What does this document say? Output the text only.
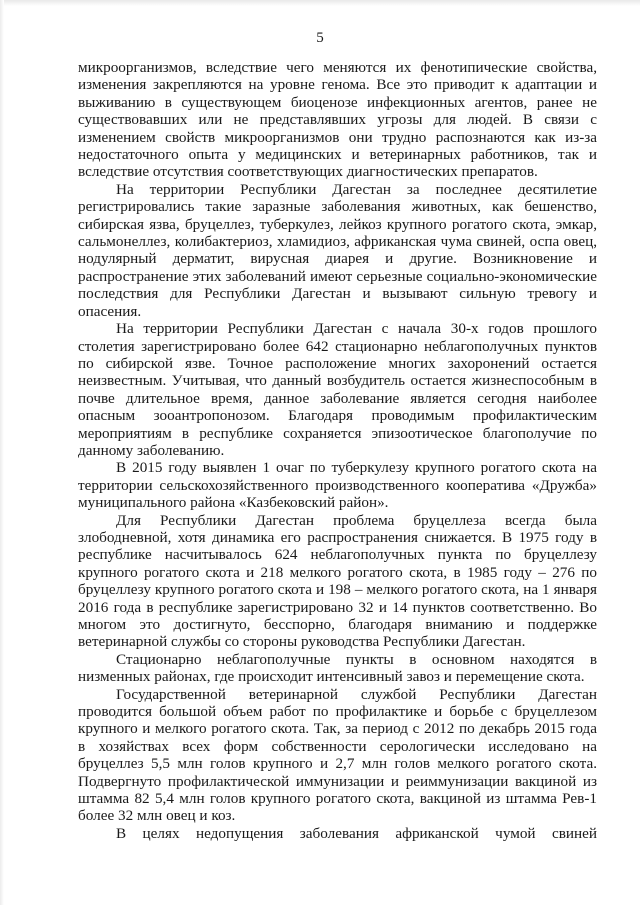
5

микроорганизмов, вследствие чего меняются их фенотипические свойства, изменения закрепляются на уровне генома. Все это приводит к адаптации и выживанию в существующем биоценозе инфекционных агентов, ранее не существовавших или не представлявших угрозы для людей. В связи с изменением свойств микроорганизмов они трудно распознаются как из-за недостаточного опыта у медицинских и ветеринарных работников, так и вследствие отсутствия соответствующих диагностических препаратов.

На территории Республики Дагестан за последнее десятилетие регистрировались такие заразные заболевания животных, как бешенство, сибирская язва, бруцеллез, туберкулез, лейкоз крупного рогатого скота, эмкар, сальмонеллез, колибактериоз, хламидиоз, африканская чума свиней, оспа овец, нодулярный дерматит, вирусная диарея и другие. Возникновение и распространение этих заболеваний имеют серьезные социально-экономические последствия для Республики Дагестан и вызывают сильную тревогу и опасения.

На территории Республики Дагестан с начала 30-х годов прошлого столетия зарегистрировано более 642 стационарно неблагополучных пунктов по сибирской язве. Точное расположение многих захоронений остается неизвестным. Учитывая, что данный возбудитель остается жизнеспособным в почве длительное время, данное заболевание является сегодня наиболее опасным зооантропонозом. Благодаря проводимым профилактическим мероприятиям в республике сохраняется эпизоотическое благополучие по данному заболеванию.

В 2015 году выявлен 1 очаг по туберкулезу крупного рогатого скота на территории сельскохозяйственного производственного кооператива «Дружба» муниципального района «Казбековский район».

Для Республики Дагестан проблема бруцеллеза всегда была злободневной, хотя динамика его распространения снижается. В 1975 году в республике насчитывалось 624 неблагополучных пункта по бруцеллезу крупного рогатого скота и 218 мелкого рогатого скота, в 1985 году – 276 по бруцеллезу крупного рогатого скота и 198 – мелкого рогатого скота, на 1 января 2016 года в республике зарегистрировано 32 и 14 пунктов соответственно. Во многом это достигнуто, бесспорно, благодаря вниманию и поддержке ветеринарной службы со стороны руководства Республики Дагестан.

Стационарно неблагополучные пункты в основном находятся в низменных районах, где происходит интенсивный завоз и перемещение скота.

Государственной ветеринарной службой Республики Дагестан проводится большой объем работ по профилактике и борьбе с бруцеллезом крупного и мелкого рогатого скота. Так, за период с 2012 по декабрь 2015 года в хозяйствах всех форм собственности серологически исследовано на бруцеллез 5,5 млн голов крупного и 2,7 млн голов мелкого рогатого скота. Подвергнуто профилактической иммунизации и реиммунизации вакциной из штамма 82 5,4 млн голов крупного рогатого скота, вакциной из штамма Рев-1 более 32 млн овец и коз.

В целях недопущения заболевания африканской чумой свиней
